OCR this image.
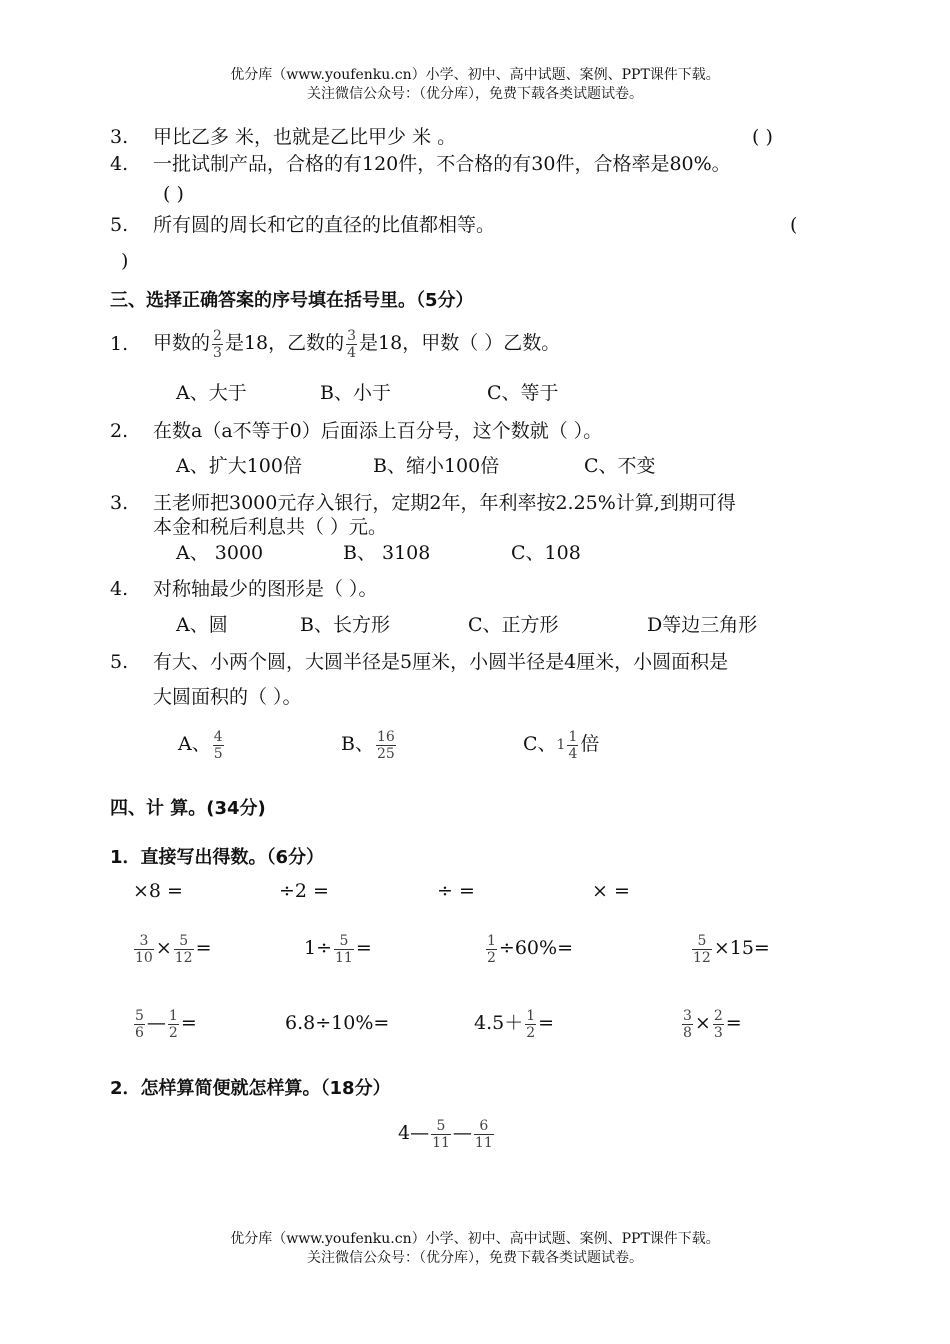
优分库（www.youfenku.cn）小学、初中、高中试题、案例、PPT课件下载。
关注微信公众号：（优分库），免费下载各类试题试卷。
3. 甲比乙多 米，也就是乙比甲少 米 。	( )
4. 一批试制产品，合格的有120件，不合格的有30件，合格率是80%。
( )
5. 所有圆的周长和它的直径的比值都相等。	(
)
三、选择正确答案的序号填在括号里。（5分）
1. 甲数的 $\frac{2}{3}$ 是18，乙数的 $\frac{3}{4}$ 是18，甲数（ ）乙数。
A、大于	B、小于	C、等于
2. 在数a（a不等于0）后面添上百分号，这个数就（ ）。
A、扩大100倍	B、缩小100倍	C、不变
3. 王老师把3000元存入银行，定期2年，年利率按2.25%计算,到期可得
本金和税后利息共（ ）元。
A、 3000	B、 3108	C、108
4. 对称轴最少的图形是（ ）。
A、圆	B、长方形	C、正方形	D等边三角形
5. 有大、小两个圆，大圆半径是5厘米，小圆半径是4厘米，小圆面积是
大圆面积的（ ）。
A、 $\frac{4}{5}$	B、 $\frac{16}{25}$	C、 $1 \frac{1}{4}$ 倍
四、计 算。(34分)
1．直接写出得数。（6分）
×8 =	÷2 =	÷ =	× =
$\frac{3}{10} \times \frac{5}{12}$ =	$1\div \frac{5}{11}$ =	$\frac{1}{2} \div 60\%=$	$\frac{5}{12} \times 15=$
$\frac{5}{6}$ — $\frac{1}{2}$ =	6.8÷10%=	$4.5+ \frac{1}{2}$ =	$\frac{3}{8} \times \frac{2}{3}$ =
2．怎样算简便就怎样算。（18分）
4— $\frac{5}{11}$ — $\frac{6}{11}$
优分库（www.youfenku.cn）小学、初中、高中试题、案例、PPT课件下载。
关注微信公众号：（优分库），免费下载各类试题试卷。
